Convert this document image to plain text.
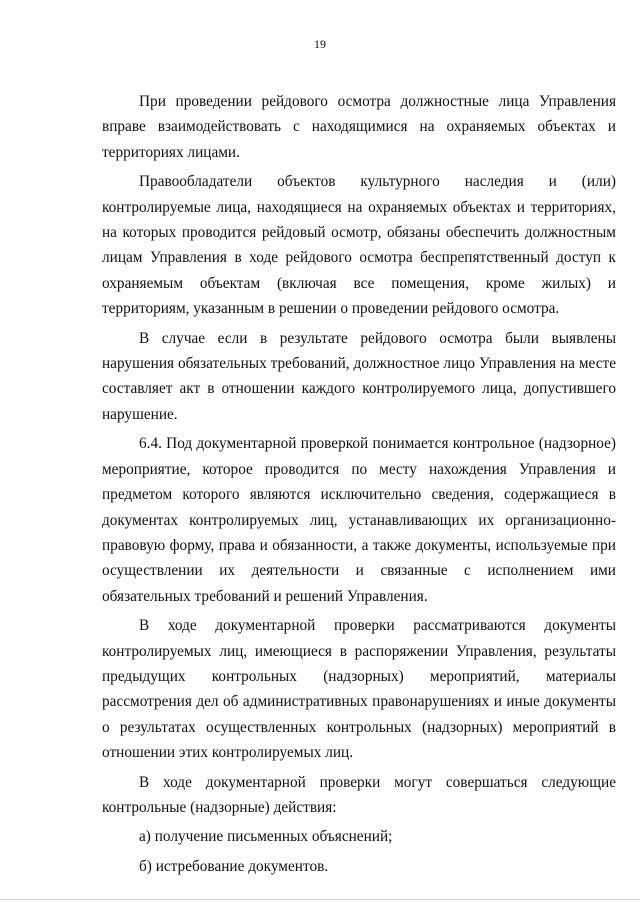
19

При проведении рейдового осмотра должностные лица Управления вправе взаимодействовать с находящимися на охраняемых объектах и территориях лицами.

Правообладатели объектов культурного наследия и (или) контролируемые лица, находящиеся на охраняемых объектах и территориях, на которых проводится рейдовый осмотр, обязаны обеспечить должностным лицам Управления в ходе рейдового осмотра беспрепятственный доступ к охраняемым объектам (включая все помещения, кроме жилых) и территориям, указанным в решении о проведении рейдового осмотра.

В случае если в результате рейдового осмотра были выявлены нарушения обязательных требований, должностное лицо Управления на месте составляет акт в отношении каждого контролируемого лица, допустившего нарушение.

6.4. Под документарной проверкой понимается контрольное (надзорное) мероприятие, которое проводится по месту нахождения Управления и предметом которого являются исключительно сведения, содержащиеся в документах контролируемых лиц, устанавливающих их организационно-правовую форму, права и обязанности, а также документы, используемые при осуществлении их деятельности и связанные с исполнением ими обязательных требований и решений Управления.

В ходе документарной проверки рассматриваются документы контролируемых лиц, имеющиеся в распоряжении Управления, результаты предыдущих контрольных (надзорных) мероприятий, материалы рассмотрения дел об административных правонарушениях и иные документы о результатах осуществленных контрольных (надзорных) мероприятий в отношении этих контролируемых лиц.

В ходе документарной проверки могут совершаться следующие контрольные (надзорные) действия:

а) получение письменных объяснений;

б) истребование документов.
